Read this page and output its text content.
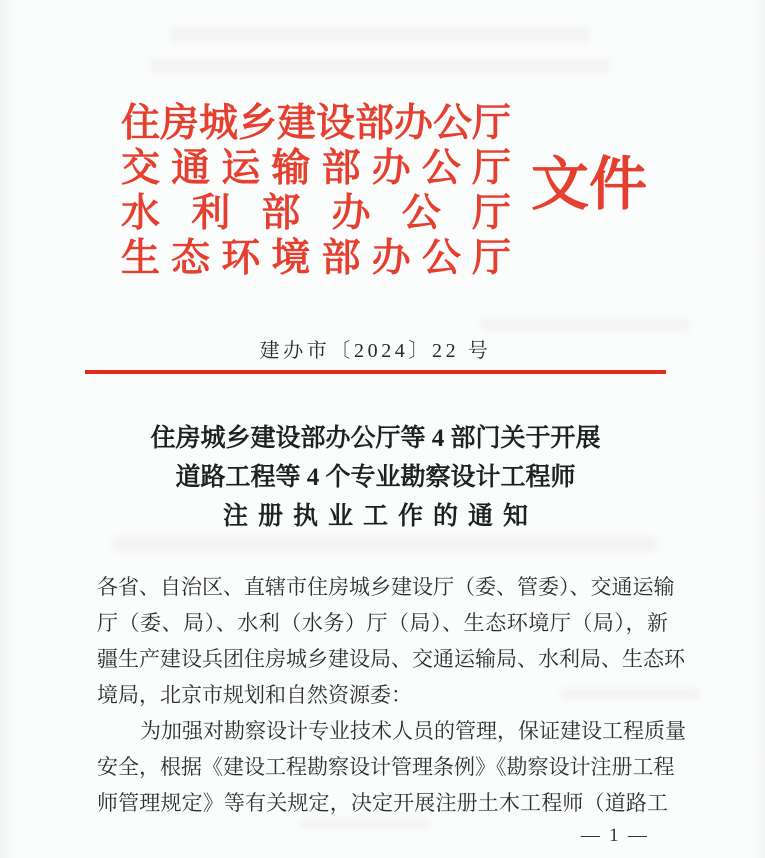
住房城乡建设部办公厅
交通运输部办公厅
水利部办公厅
生态环境部办公厅
文件
建办市〔2024〕22 号
住房城乡建设部办公厅等 4 部门关于开展
道路工程等 4 个专业勘察设计工程师
注册执业工作的通知
各省、自治区、直辖市住房城乡建设厅（委、管委）、交通运输
厅（委、局）、水利（水务）厅（局）、生态环境厅（局），新
疆生产建设兵团住房城乡建设局、交通运输局、水利局、生态环
境局，北京市规划和自然资源委：
为加强对勘察设计专业技术人员的管理，保证建设工程质量
安全，根据《建设工程勘察设计管理条例》《勘察设计注册工程
师管理规定》等有关规定，决定开展注册土木工程师（道路工
— 1 —
